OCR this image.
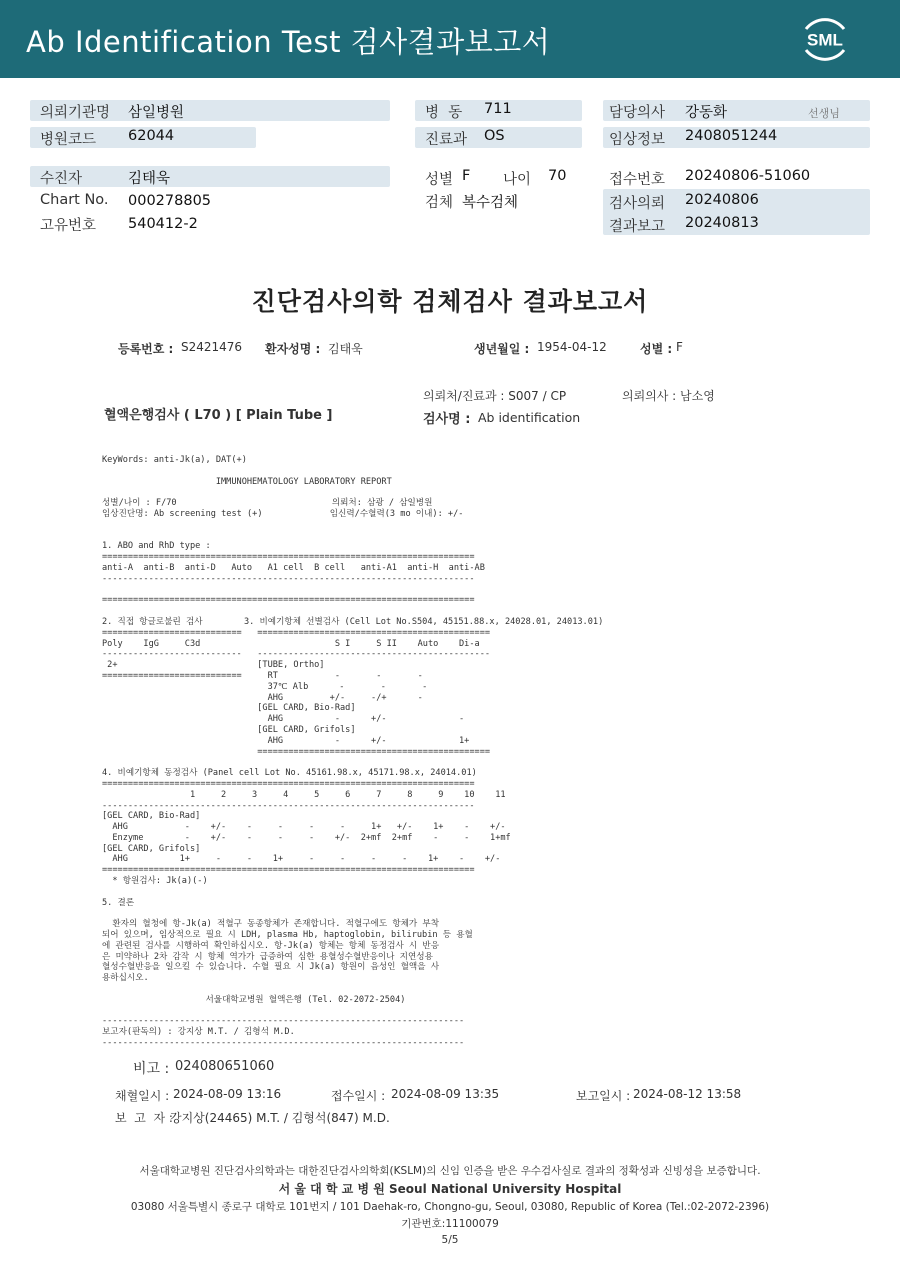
Ab Identification Test 검사결과보고서	SML
의뢰기관명 삼일병원
병원코드 62044
병  동 711
진료과 OS
담당의사 강동화	선생님
임상정보 2408051244
수진자	김태욱
Chart No. 000278805
고유번호 540412-2
성별 F 나이 70
검체 복수검체
접수번호 20240806-51060
검사의뢰 20240806
결과보고 20240813
진단검사의학 검체검사 결과보고서
등록번호 : S2421476 환자성명 : 김태욱	생년월일 : 1954-04-12	성별 : F
의뢰처/진료과 : S007 / CP	의뢰의사 : 남소영
혈액은행검사 ( L70 ) [ Plain Tube ]	검사명 : Ab identification
KeyWords: anti-Jk(a), DAT(+)

IMMUNOHEMATOLOGY LABORATORY REPORT

성별/나이 : F/70                              의뢰처: 삼광 / 삼일병원
임상진단명: Ab screening test (+)             임신력/수혈력(3 mo 이내): +/-

1. ABO and RhD type :
========================================================================
anti-A  anti-B  anti-D   Auto   A1 cell  B cell   anti-A1  anti-H  anti-AB
------------------------------------------------------------------------

========================================================================

2. 직접 항글로불린 검사        3. 비예기항체 선별검사 (Cell Lot No.S504, 45151.88.x, 24028.01, 24013.01)
===========================   =============================================
Poly    IgG     C3d                          S I     S II    Auto    Di-a
---------------------------   ---------------------------------------------
2+                           [TUBE, Ortho]
===========================     RT           -       -       -
37℃ Alb      -       -       -
AHG         +/-     -/+      -
[GEL CARD, Bio-Rad]
AHG          -      +/-              -
[GEL CARD, Grifols]
AHG          -      +/-              1+
=============================================

4. 비예기항체 동정검사 (Panel cell Lot No. 45161.98.x, 45171.98.x, 24014.01)
========================================================================
1     2     3     4     5     6     7     8     9    10    11
------------------------------------------------------------------------
[GEL CARD, Bio-Rad]
AHG           -    +/-    -     -     -     -     1+   +/-    1+    -    +/-
Enzyme        -    +/-    -     -     -    +/-  2+mf  2+mf    -     -    1+mf
[GEL CARD, Grifols]
AHG          1+     -     -    1+     -     -     -     -    1+    -    +/-
========================================================================
* 항원검사: Jk(a)(-)

5. 결론

환자의 혈청에 항-Jk(a) 적혈구 동종항체가 존재합니다. 적혈구에도 항체가 부착
되어 있으며, 임상적으로 필요 시 LDH, plasma Hb, haptoglobin, bilirubin 등 용혈
에 관련된 검사를 시행하여 확인하십시오. 항-Jk(a) 항체는 항체 동정검사 시 반응
은 미약하나 2차 감작 시 항체 역가가 급증하여 심한 용혈성수혈반응이나 지연성용
혈성수혈반응을 일으킬 수 있습니다. 수혈 필요 시 Jk(a) 항원이 음성인 혈액을 사
용하십시오.

서울대학교병원 혈액은행 (Tel. 02-2072-2504)

----------------------------------------------------------------------
보고자(판독의) : 강지상 M.T. / 김형석 M.D.
----------------------------------------------------------------------
비고 : 024080651060
채혈일시 : 2024-08-09 13:16	접수일시 : 2024-08-09 13:35	보고일시 : 2024-08-12 13:58
보  고  자 :
강지상(24465) M.T. / 김형석(847) M.D.
서울대학교병원 진단검사의학과는 대한진단검사의학회(KSLM)의 신임 인증을 받은 우수검사실로 결과의 정확성과 신빙성을 보증합니다.
서 울 대 학 교 병 원 Seoul National University Hospital
03080 서울특별시 종로구 대학로 101번지 / 101 Daehak-ro, Chongno-gu, Seoul, 03080, Republic of Korea (Tel.:02-2072-2396)
기관번호:11100079
5/5
